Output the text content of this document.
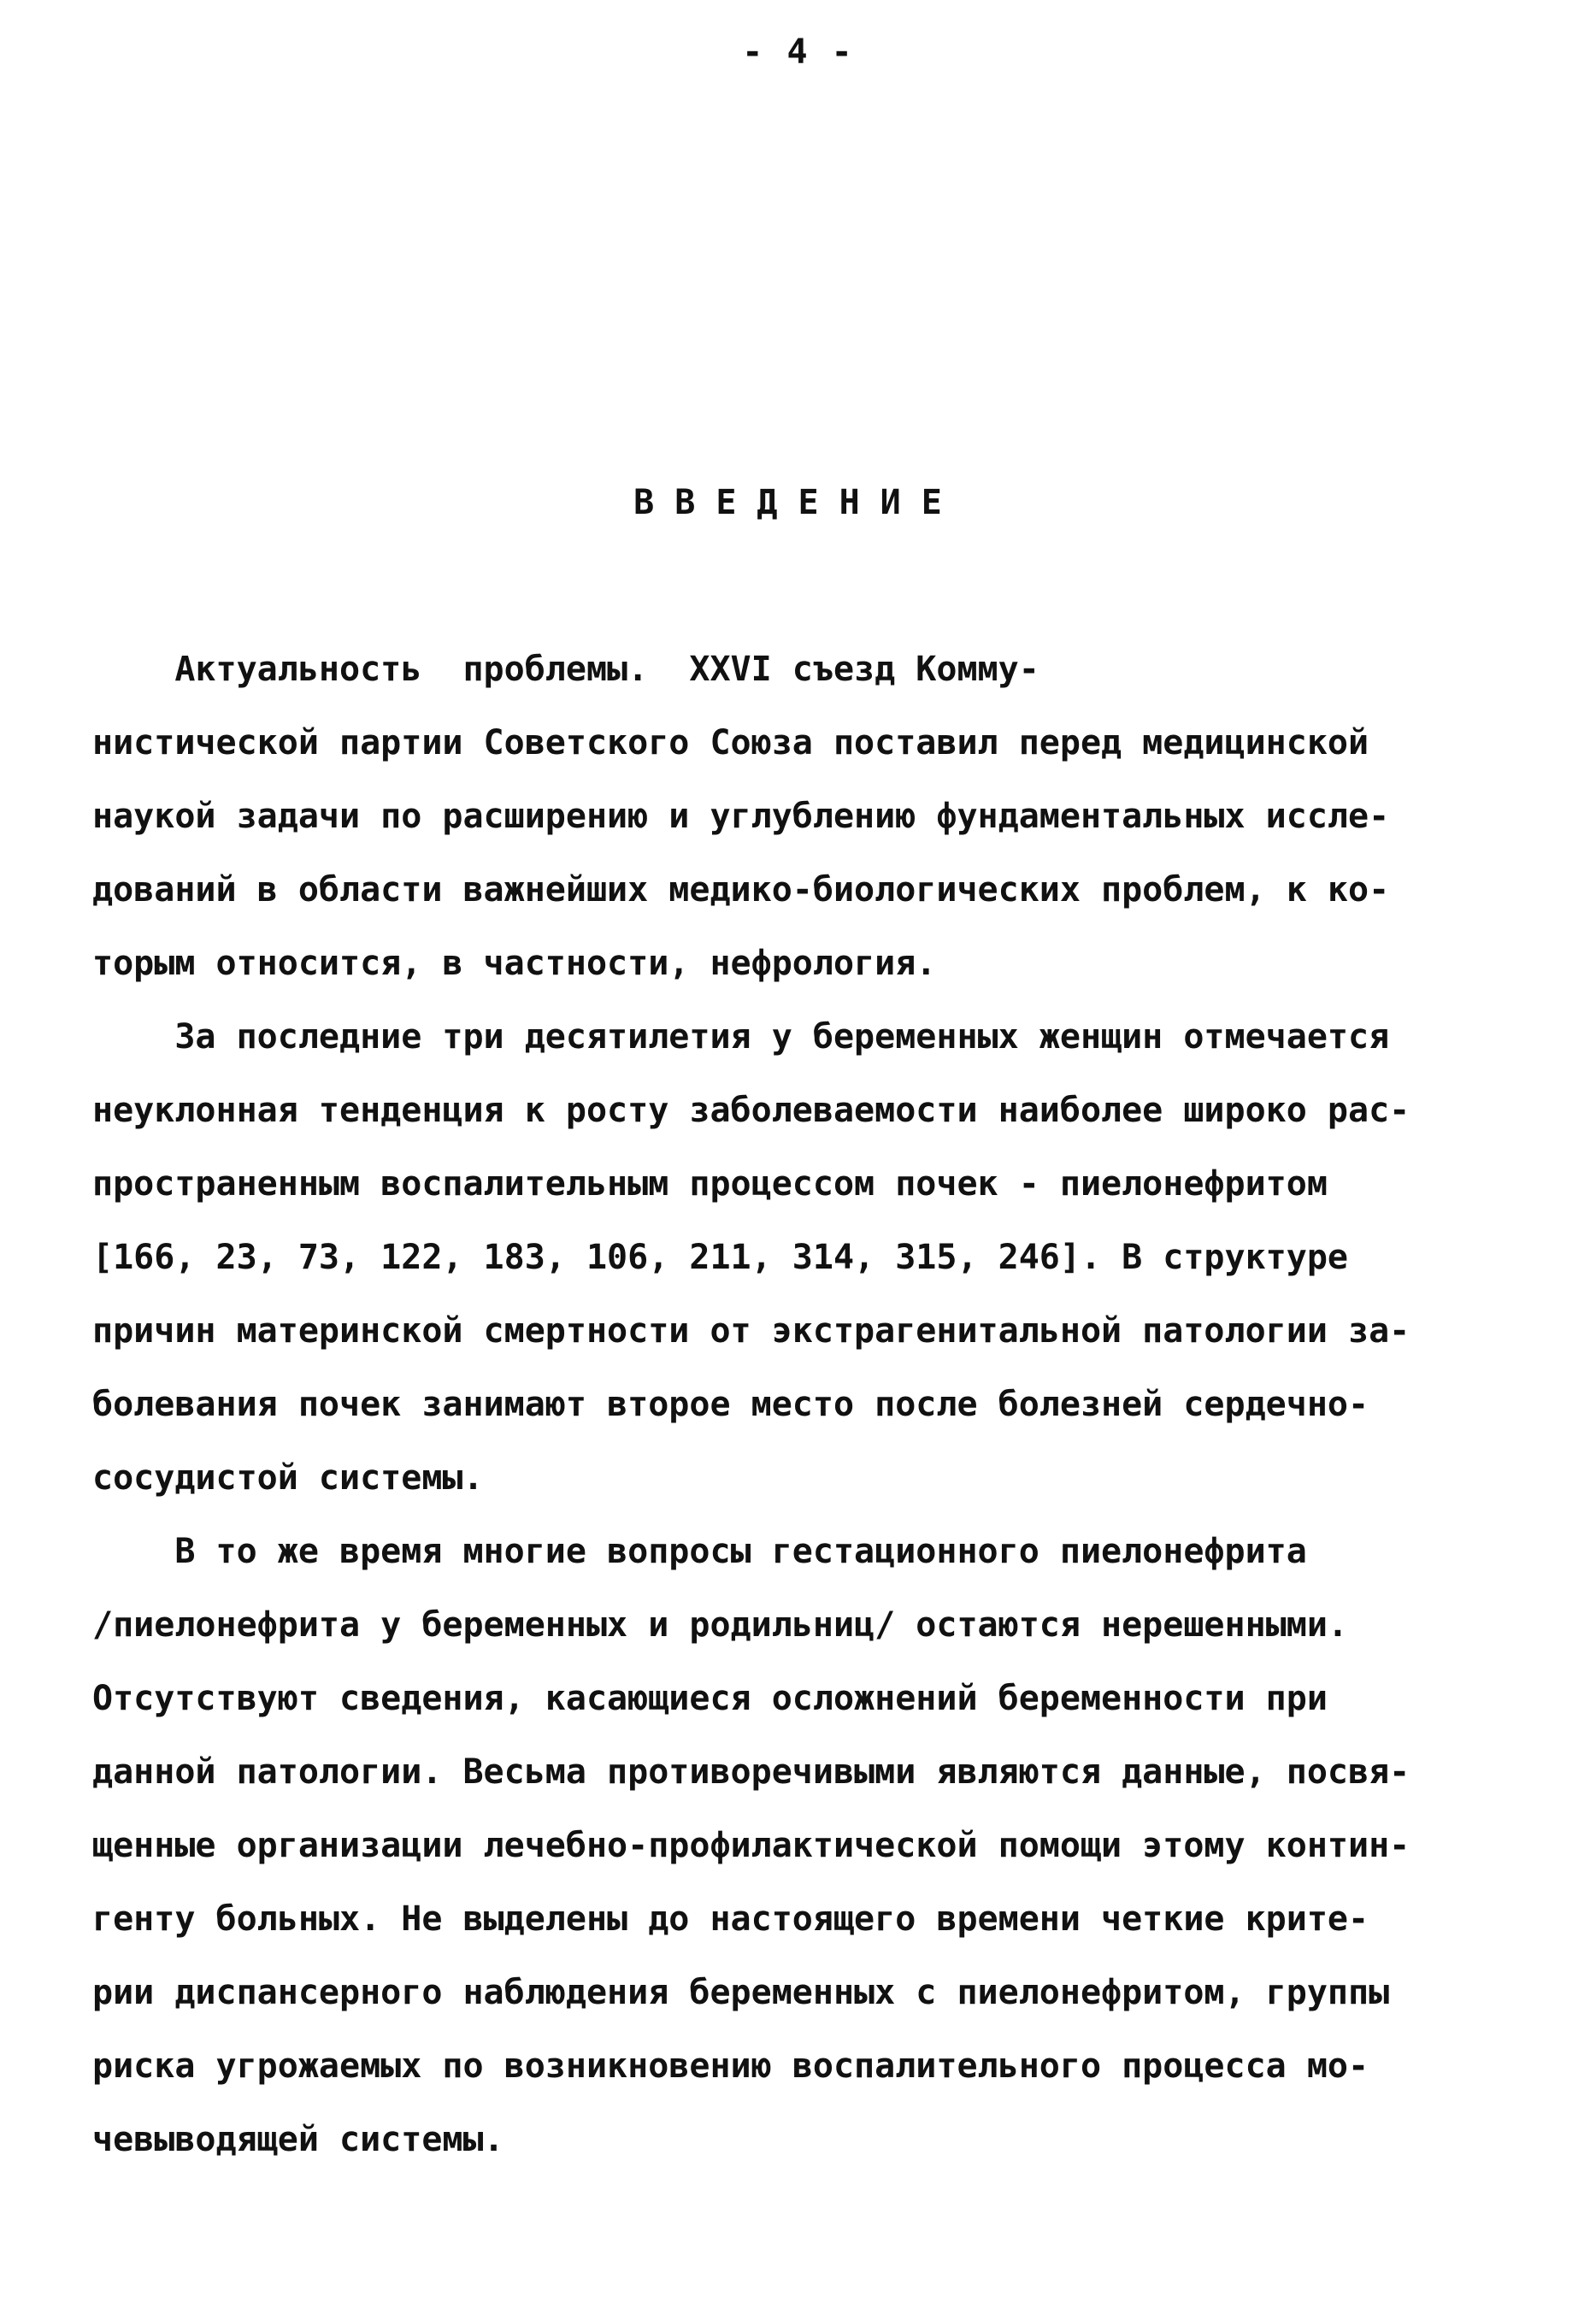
- 4 -
ВВЕДЕНИЕ
Актуальность  проблемы.  XXVI съезд Комму-
нистической партии Советского Союза поставил перед медицинской
наукой задачи по расширению и углублению фундаментальных иссле-
дований в области важнейших медико-биологических проблем, к ко-
торым относится, в частности, нефрология.
За последние три десятилетия у беременных женщин отмечается
неуклонная тенденция к росту заболеваемости наиболее широко рас-
пространенным воспалительным процессом почек - пиелонефритом
[166, 23, 73, 122, 183, 106, 211, 314, 315, 246]. В структуре
причин материнской смертности от экстрагенитальной патологии за-
болевания почек занимают второе место после болезней сердечно-
сосудистой системы.
В то же время многие вопросы гестационного пиелонефрита
/пиелонефрита у беременных и родильниц/ остаются нерешенными.
Отсутствуют сведения, касающиеся осложнений беременности при
данной патологии. Весьма противоречивыми являются данные, посвя-
щенные организации лечебно-профилактической помощи этому контин-
генту больных. Не выделены до настоящего времени четкие крите-
рии диспансерного наблюдения беременных с пиелонефритом, группы
риска угрожаемых по возникновению воспалительного процесса мо-
чевыводящей системы.
